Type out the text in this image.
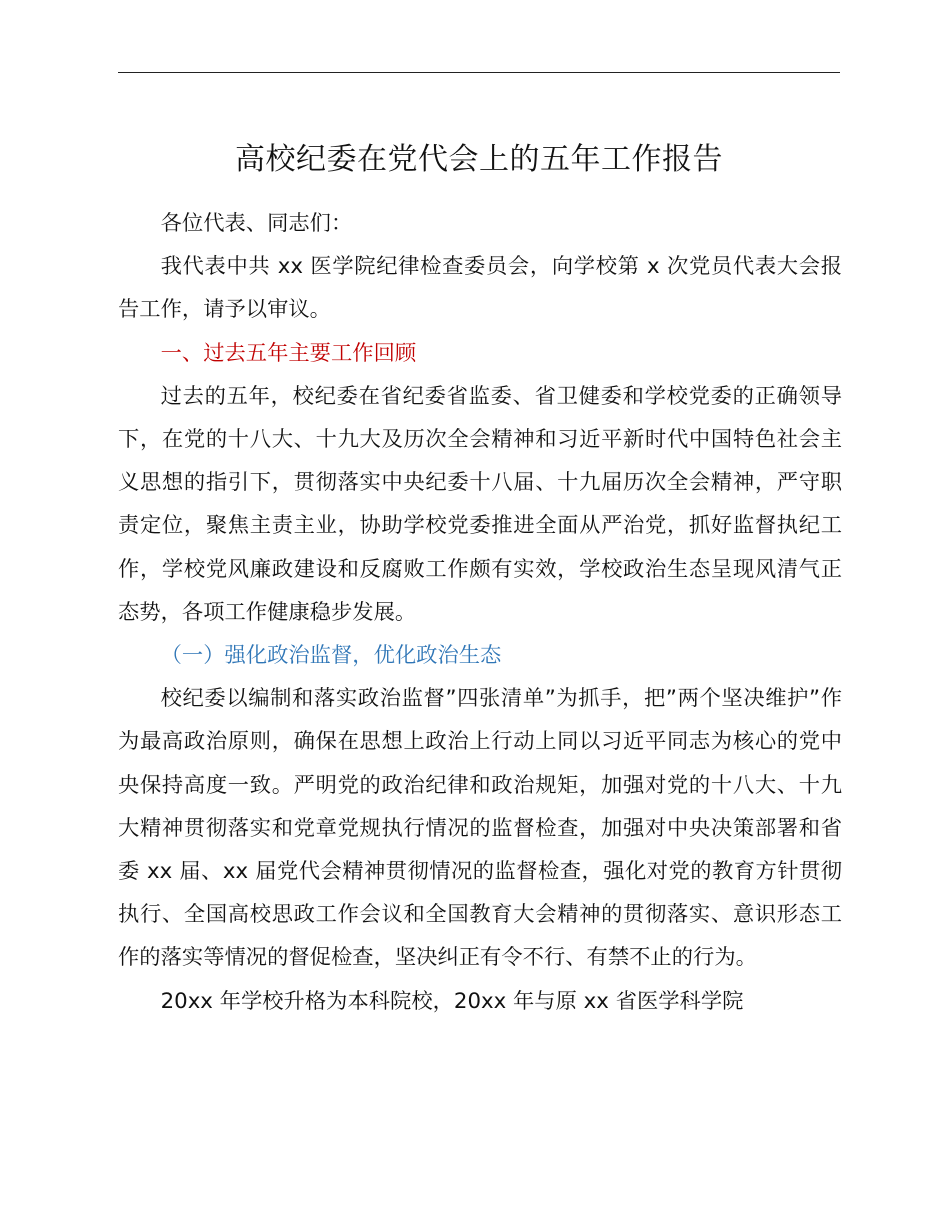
高校纪委在党代会上的五年工作报告

各位代表、同志们：

我代表中共 xx 医学院纪律检查委员会，向学校第 x 次党员代表大会报告工作，请予以审议。

一、过去五年主要工作回顾

过去的五年，校纪委在省纪委省监委、省卫健委和学校党委的正确领导下，在党的十八大、十九大及历次全会精神和习近平新时代中国特色社会主义思想的指引下，贯彻落实中央纪委十八届、十九届历次全会精神，严守职责定位，聚焦主责主业，协助学校党委推进全面从严治党，抓好监督执纪工作，学校党风廉政建设和反腐败工作颇有实效，学校政治生态呈现风清气正态势，各项工作健康稳步发展。

（一）强化政治监督，优化政治生态

校纪委以编制和落实政治监督”四张清单”为抓手，把”两个坚决维护”作为最高政治原则，确保在思想上政治上行动上同以习近平同志为核心的党中央保持高度一致。严明党的政治纪律和政治规矩，加强对党的十八大、十九大精神贯彻落实和党章党规执行情况的监督检查，加强对中央决策部署和省委 xx 届、xx 届党代会精神贯彻情况的监督检查，强化对党的教育方针贯彻执行、全国高校思政工作会议和全国教育大会精神的贯彻落实、意识形态工作的落实等情况的督促检查，坚决纠正有令不行、有禁不止的行为。

20xx 年学校升格为本科院校，20xx 年与原 xx 省医学科学院
